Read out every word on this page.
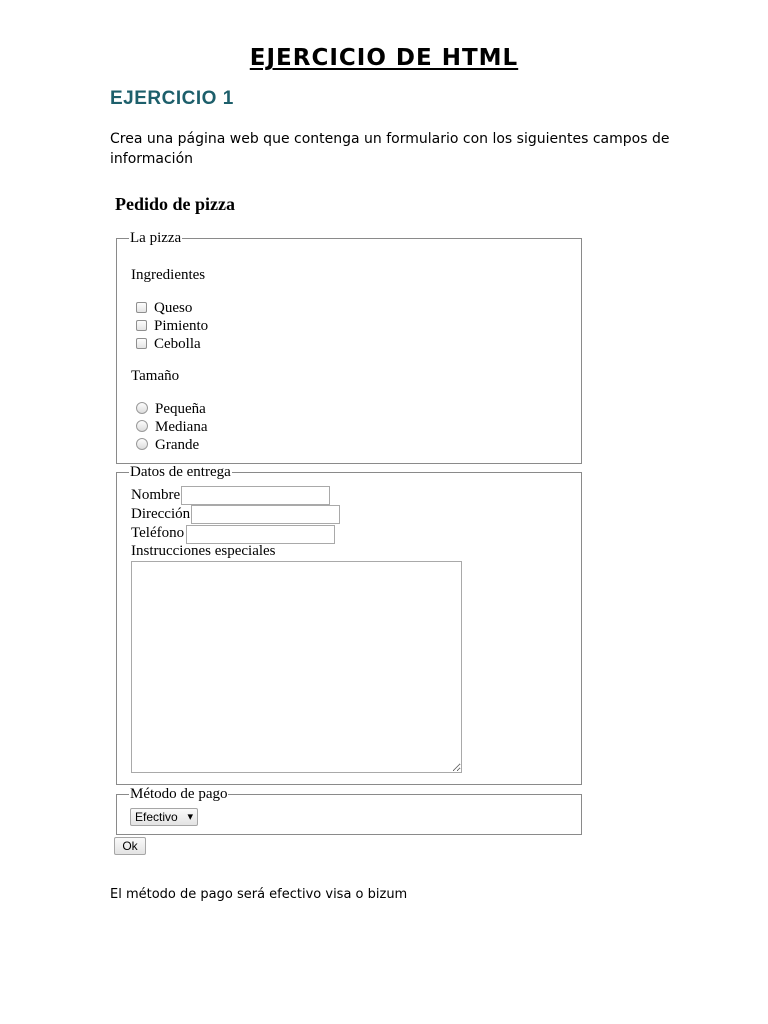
EJERCICIO DE HTML
EJERCICIO 1

Crea una página web que contenga un formulario con los siguientes campos de información

Pedido de pizza
La pizza
Ingredientes
Queso
Pimiento
Cebolla
Tamaño
Pequeña
Mediana
Grande
Datos de entrega
Nombre
Dirección
Teléfono
Instrucciones especiales
Método de pago
Efectivo ▾
Ok

El método de pago será efectivo visa o bizum
